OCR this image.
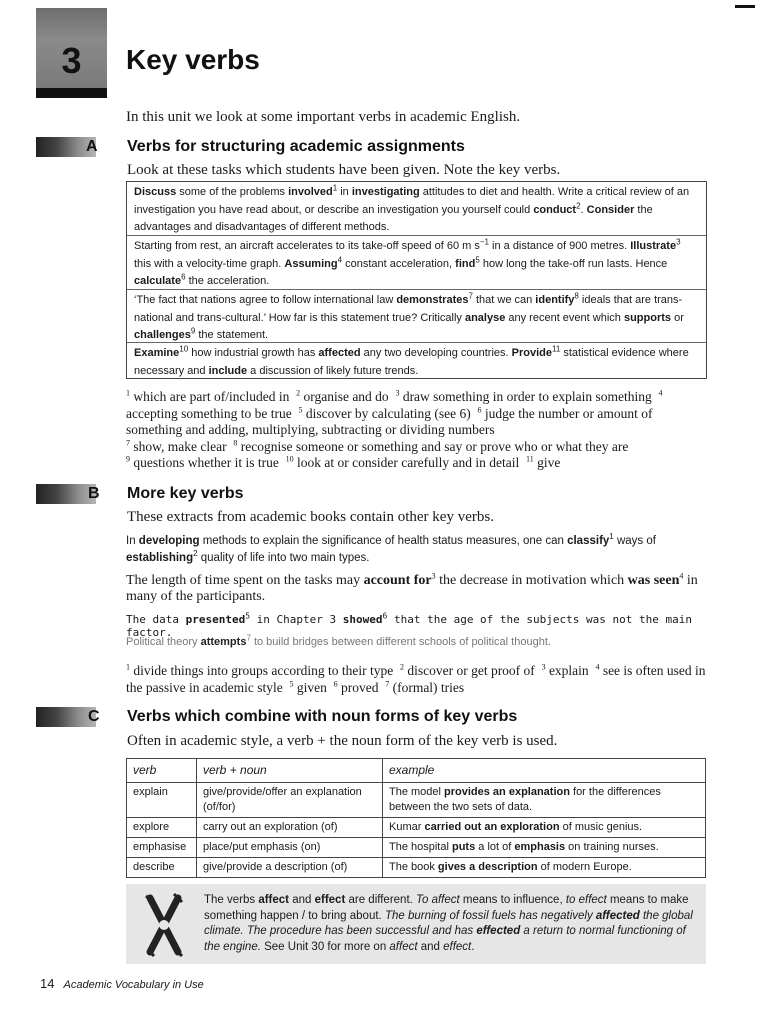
3	Key verbs
In this unit we look at some important verbs in academic English.
A Verbs for structuring academic assignments
Look at these tasks which students have been given. Note the key verbs.
Discuss some of the problems involved$^1$ in investigating attitudes to diet and health. Write a critical review of an investigation you have read about, or describe an investigation you yourself could conduct$^2$. Consider the advantages and disadvantages of different methods.
Starting from rest, an aircraft accelerates to its take-off speed of 60 m $s^{-1}$ in a distance of 900 metres. Illustrate$^3$ this with a velocity-time graph. Assuming$^4$ constant acceleration, find$^5$ how long the take-off run lasts. Hence calculate$^6$ the acceleration.
‘The fact that nations agree to follow international law demonstrates$^7$ that we can identify$^8$ ideals that are trans-national and trans-cultural.’ How far is this statement true? Critically analyse any recent event which supports or challenges$^9$ the statement.
Examine$^{10}$ how industrial growth has affected any two developing countries. Provide$^{11}$ statistical evidence where necessary and include a discussion of likely future trends.
$^1$ which are part of/included in  $^2$ organise and do  $^3$ draw something in order to explain something  $^4$ accepting something to be true  $^5$ discover by calculating (see 6)  $^6$ judge the number or amount of something and adding, multiplying, subtracting or dividing numbers
$^7$ show, make clear  $^8$ recognise someone or something and say or prove who or what they are
$^9$ questions whether it is true  $^{10}$ look at or consider carefully and in detail  $^{11}$ give
B More key verbs
These extracts from academic books contain other key verbs.
In developing methods to explain the significance of health status measures, one can classify$^1$ ways of establishing$^2$ quality of life into two main types.
The length of time spent on the tasks may account for$^3$ the decrease in motivation which was seen$^4$ in many of the participants.
The data presented$^5$ in Chapter 3 showed$^6$ that the age of the subjects was not the main factor.
Political theory attempts$^7$ to build bridges between different schools of political thought.
$^1$ divide things into groups according to their type  $^2$ discover or get proof of  $^3$ explain  $^4$ see is often used in the passive in academic style  $^5$ given  $^6$ proved  $^7$ (formal) tries
C Verbs which combine with noun forms of key verbs
Often in academic style, a verb + the noun form of the key verb is used.
verb	verb + noun	example
explain	give/provide/offer an explanation (of/for)	The model provides an explanation for the differences between the two sets of data.
explore	carry out an exploration (of)	Kumar carried out an exploration of music genius.
emphasise	place/put emphasis (on)	The hospital puts a lot of emphasis on training nurses.
describe	give/provide a description (of)	The book gives a description of modern Europe.
The verbs affect and effect are different. To affect means to influence, to effect means to make something happen / to bring about. The burning of fossil fuels has negatively affected the global climate. The procedure has been successful and has effected a return to normal functioning of the engine. See Unit 30 for more on affect and effect.
14 Academic Vocabulary in Use
